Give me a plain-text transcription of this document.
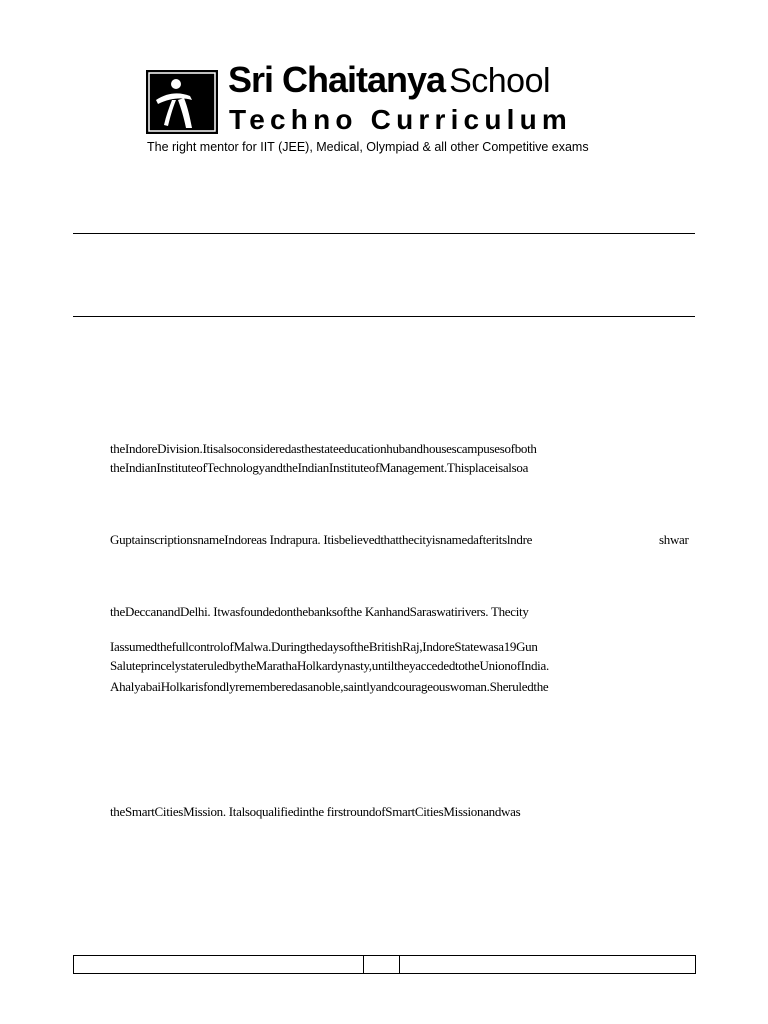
Sri Chaitanya School
Techno Curriculum
The right mentor for IIT (JEE), Medical, Olympiad & all other Competitive exams
theIndoreDivision.Itisalsoconsideredasthestateeducationhubandhousescampusesofboth
theIndianInstituteofTechnologyandtheIndianInstituteofManagement.Thisplaceisalsoa
GuptainscriptionsnameIndoreas Indrapura. Itisbelievedthatthecityisnamedafteritslndre	shwar
theDeccanandDelhi. Itwasfoundedonthebanksofthe KanhandSaraswatirivers. Thecity
IassumedthefullcontrolofMalwa.DuringthedaysoftheBritishRaj,IndoreStatewasa19Gun
SaluteprincelystateruledbytheMarathaHolkardynasty,untiltheyaccededtotheUnionofIndia.
AhalyabaiHolkarisfondlyrememberedasanoble,saintlyandcourageouswoman.Sheruledthe
theSmartCitiesMission. Italsoqualifiedinthe firstroundofSmartCitiesMissionandwas
